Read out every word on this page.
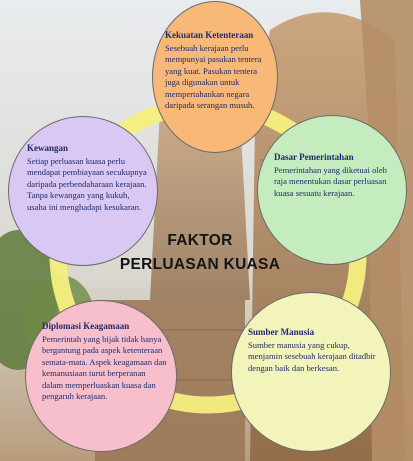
Kekuatan Ketenteraan
Sesebuah kerajaan perlu mempunyai pasukan tentera yang kuat. Pasukan tentera juga digunakan untuk mempertahankan negara daripada serangan musuh.
Kewangan
Setiap perluasan kuasa perlu mendapat pembiayaan secukupnya daripada perbendaharaan kerajaan. Tanpa kewangan yang kukuh, usaha ini menghadapi kesukaran.
Dasar Pemerintahan
Pemerintahan yang diketuai oleh raja menentukan dasar perluasan kuasa sesuatu kerajaan.
Diplomasi Keagamaan
Pemerintah yang bijak tidak hanya bergantung pada aspek ketenteraan semata-mata. Aspek keagamaan dan kemanusiaan turut berperanan dalam memperluaskan kuasa dan pengaruh kerajaan.
Sumber Manusia
Sumber manusia yang cukup, menjamin sesebuah kerajaan ditadbir dengan baik dan berkesan.
FAKTOR
PERLUASAN KUASA
